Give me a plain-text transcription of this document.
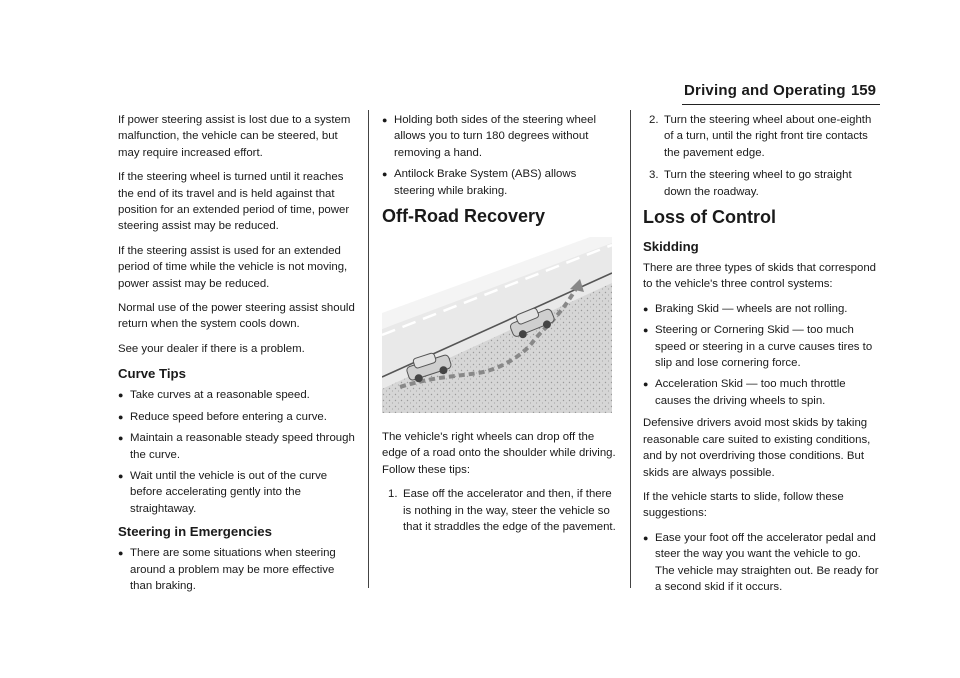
Driving and Operating 159

If power steering assist is lost due to a system malfunction, the vehicle can be steered, but may require increased effort.

If the steering wheel is turned until it reaches the end of its travel and is held against that position for an extended period of time, power steering assist may be reduced.

If the steering assist is used for an extended period of time while the vehicle is not moving, power assist may be reduced.

Normal use of the power steering assist should return when the system cools down.

See your dealer if there is a problem.

Curve Tips
● Take curves at a reasonable speed.
● Reduce speed before entering a curve.
● Maintain a reasonable steady speed through the curve.
● Wait until the vehicle is out of the curve before accelerating gently into the straightaway.
Steering in Emergencies
● There are some situations when steering around a problem may be more effective than braking.
● Holding both sides of the steering wheel allows you to turn 180 degrees without removing a hand.
● Antilock Brake System (ABS) allows steering while braking.
Off-Road Recovery

The vehicle's right wheels can drop off the edge of a road onto the shoulder while driving. Follow these tips:

1. Ease off the accelerator and then, if there is nothing in the way, steer the vehicle so that it straddles the edge of the pavement.
2. Turn the steering wheel about one-eighth of a turn, until the right front tire contacts the pavement edge.
3. Turn the steering wheel to go straight down the roadway.
Loss of Control
Skidding

There are three types of skids that correspond to the vehicle's three control systems:

● Braking Skid — wheels are not rolling.
● Steering or Cornering Skid — too much speed or steering in a curve causes tires to slip and lose cornering force.
● Acceleration Skid — too much throttle causes the driving wheels to spin.

Defensive drivers avoid most skids by taking reasonable care suited to existing conditions, and by not overdriving those conditions. But skids are always possible.

If the vehicle starts to slide, follow these suggestions:

● Ease your foot off the accelerator pedal and steer the way you want the vehicle to go. The vehicle may straighten out. Be ready for a second skid if it occurs.
